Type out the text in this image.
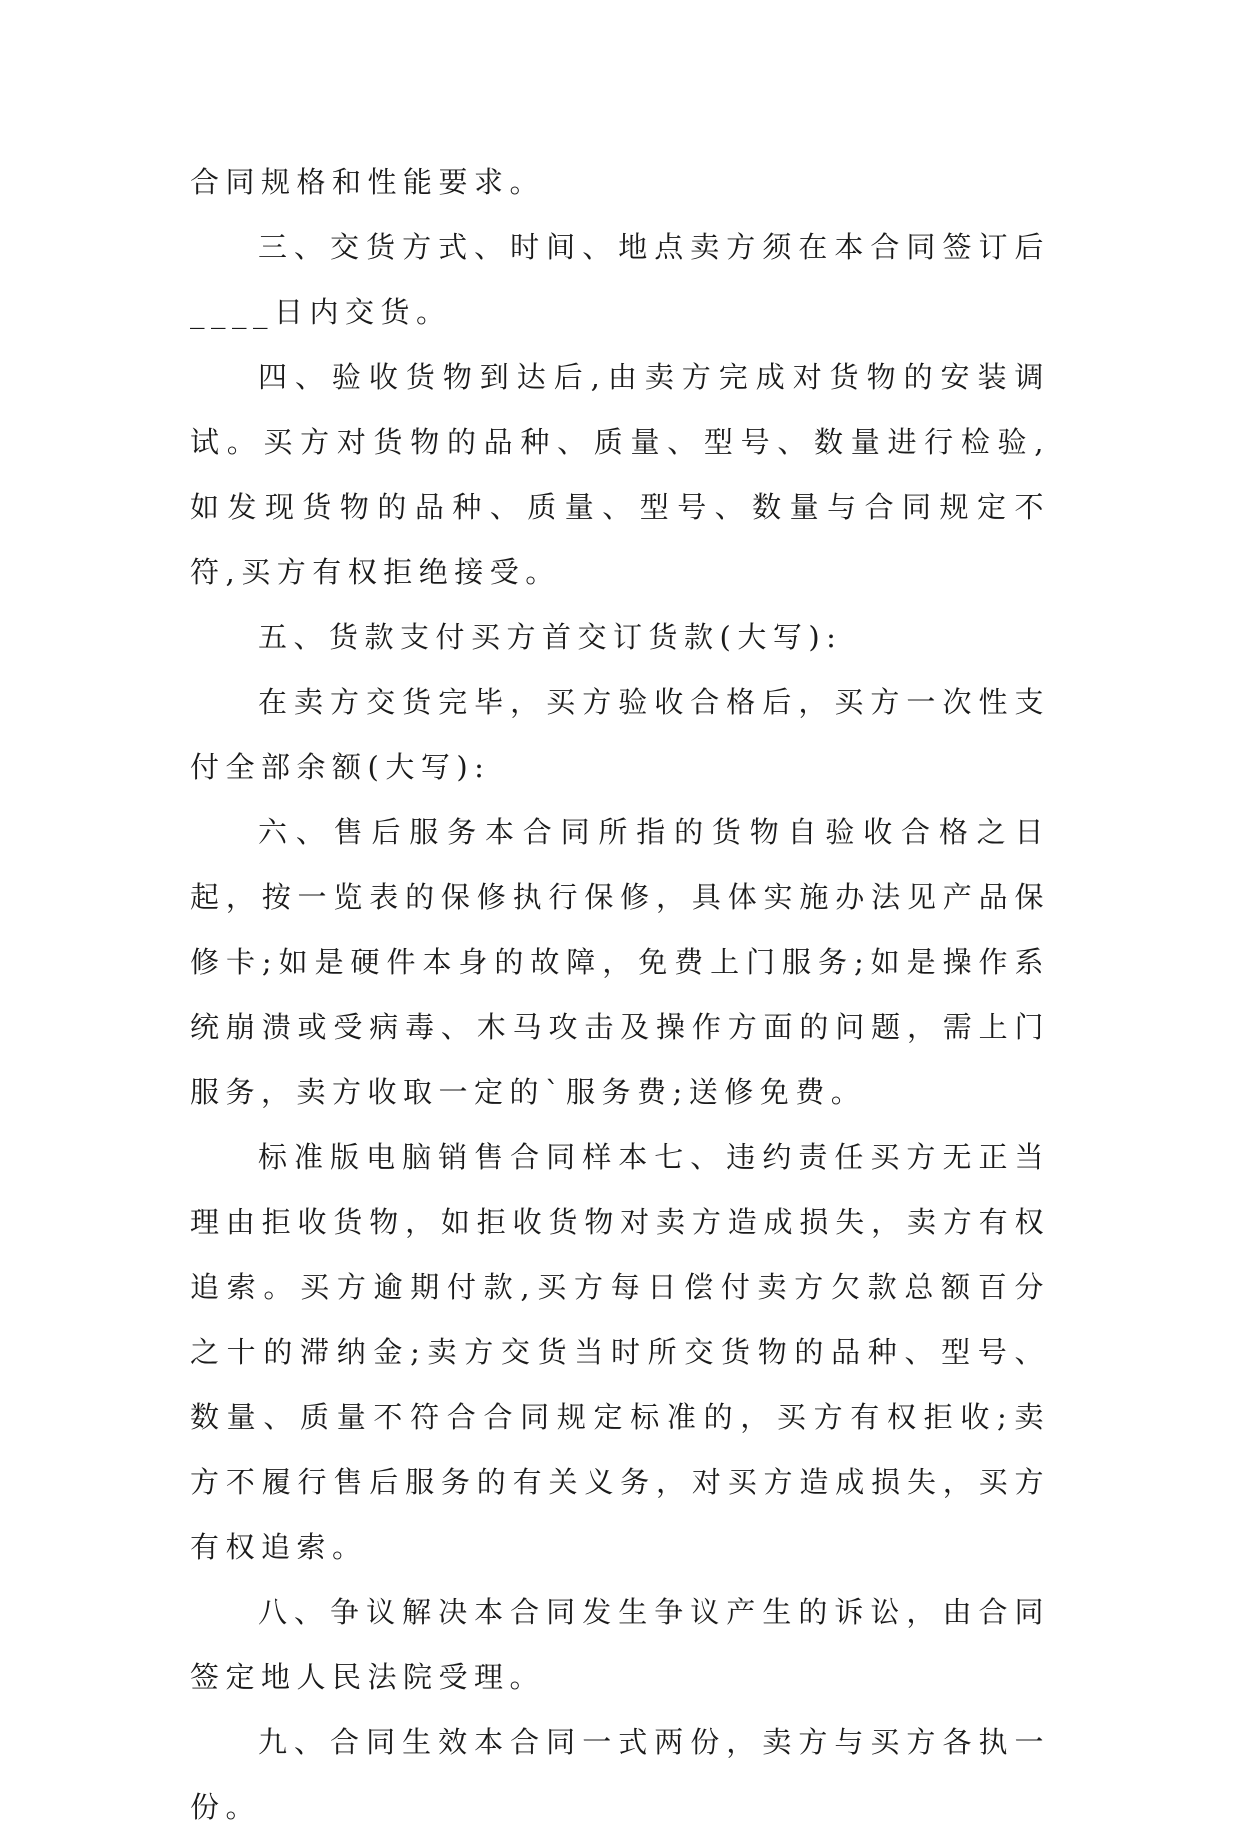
合同规格和性能要求。

三、交货方式、时间、地点卖方须在本合同签订后____日内交货。

四、验收货物到达后,由卖方完成对货物的安装调试。买方对货物的品种、质量、型号、数量进行检验,如发现货物的品种、质量、型号、数量与合同规定不符,买方有权拒绝接受。

五、货款支付买方首交订货款(大写):

在卖方交货完毕，买方验收合格后，买方一次性支付全部余额(大写):

六、售后服务本合同所指的货物自验收合格之日起，按一览表的保修执行保修，具体实施办法见产品保修卡;如是硬件本身的故障，免费上门服务;如是操作系统崩溃或受病毒、木马攻击及操作方面的问题，需上门服务，卖方收取一定的`服务费;送修免费。

标准版电脑销售合同样本七、违约责任买方无正当理由拒收货物，如拒收货物对卖方造成损失，卖方有权追索。买方逾期付款,买方每日偿付卖方欠款总额百分之十的滞纳金;卖方交货当时所交货物的品种、型号、数量、质量不符合合同规定标准的，买方有权拒收;卖方不履行售后服务的有关义务，对买方造成损失，买方有权追索。

八、争议解决本合同发生争议产生的诉讼，由合同签定地人民法院受理。

九、合同生效本合同一式两份，卖方与买方各执一份。
